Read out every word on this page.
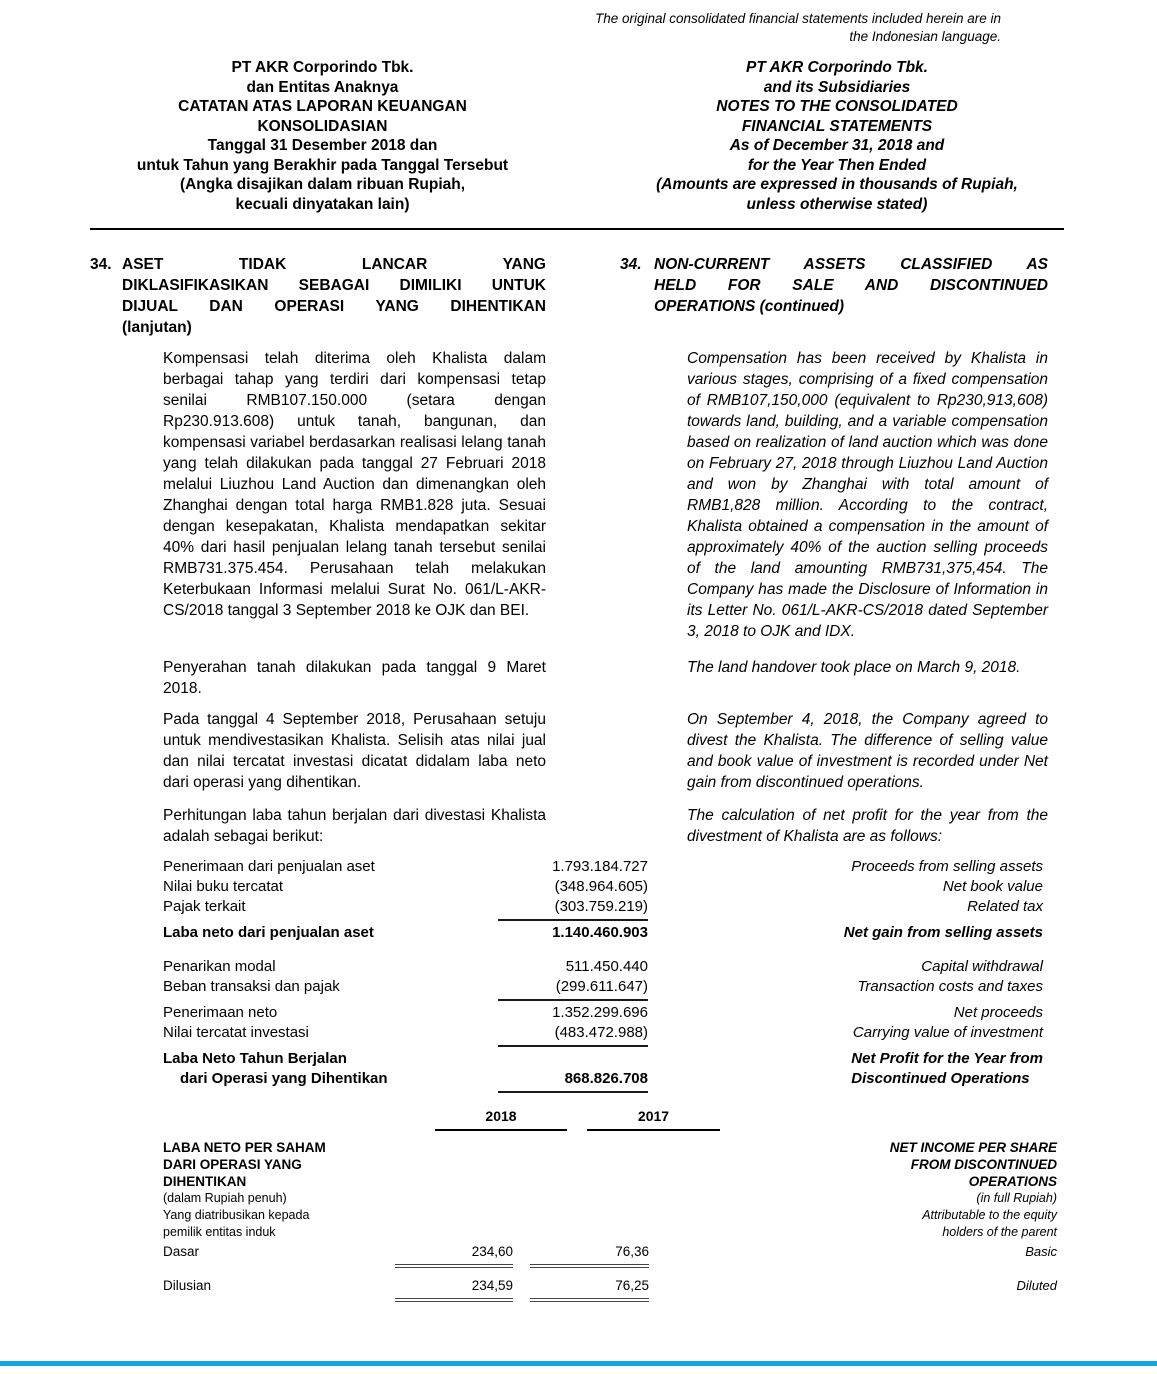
The original consolidated financial statements included herein are in
the Indonesian language.
PT AKR Corporindo Tbk.
dan Entitas Anaknya
CATATAN ATAS LAPORAN KEUANGAN
KONSOLIDASIAN
Tanggal 31 Desember 2018 dan
untuk Tahun yang Berakhir pada Tanggal Tersebut
(Angka disajikan dalam ribuan Rupiah,
kecuali dinyatakan lain)
PT AKR Corporindo Tbk.
and its Subsidiaries
NOTES TO THE CONSOLIDATED
FINANCIAL STATEMENTS
As of December 31, 2018 and
for the Year Then Ended
(Amounts are expressed in thousands of Rupiah,
unless otherwise stated)
34. ASET TIDAK LANCAR YANG
DIKLASIFIKASIKAN SEBAGAI DIMILIKI UNTUK
DIJUAL DAN OPERASI YANG DIHENTIKAN
(lanjutan)
34. NON-CURRENT ASSETS CLASSIFIED AS
HELD FOR SALE AND DISCONTINUED
OPERATIONS (continued)

Kompensasi telah diterima oleh Khalista dalam berbagai tahap yang terdiri dari kompensasi tetap senilai RMB107.150.000 (setara dengan Rp230.913.608) untuk tanah, bangunan, dan kompensasi variabel berdasarkan realisasi lelang tanah yang telah dilakukan pada tanggal 27 Februari 2018 melalui Liuzhou Land Auction dan dimenangkan oleh Zhanghai dengan total harga RMB1.828 juta. Sesuai dengan kesepakatan, Khalista mendapatkan sekitar 40% dari hasil penjualan lelang tanah tersebut senilai RMB731.375.454. Perusahaan telah melakukan Keterbukaan Informasi melalui Surat No. 061/L-AKR-CS/2018 tanggal 3 September 2018 ke OJK dan BEI.

Compensation has been received by Khalista in various stages, comprising of a fixed compensation of RMB107,150,000 (equivalent to Rp230,913,608) towards land, building, and a variable compensation based on realization of land auction which was done on February 27, 2018 through Liuzhou Land Auction and won by Zhanghai with total amount of RMB1,828 million. According to the contract, Khalista obtained a compensation in the amount of approximately 40% of the auction selling proceeds of the land amounting RMB731,375,454. The Company has made the Disclosure of Information in its Letter No. 061/L-AKR-CS/2018 dated September 3, 2018 to OJK and IDX.

Penyerahan tanah dilakukan pada tanggal 9 Maret 2018.

The land handover took place on March 9, 2018.

Pada tanggal 4 September 2018, Perusahaan setuju untuk mendivestasikan Khalista. Selisih atas nilai jual dan nilai tercatat investasi dicatat didalam laba neto dari operasi yang dihentikan.

On September 4, 2018, the Company agreed to divest the Khalista. The difference of selling value and book value of investment is recorded under Net gain from discontinued operations.

Perhitungan laba tahun berjalan dari divestasi Khalista adalah sebagai berikut:

The calculation of net profit for the year from the divestment of Khalista are as follows:

Penerimaan dari penjualan aset	1.793.184.727	Proceeds from selling assets
Nilai buku tercatat	(348.964.605)	Net book value
Pajak terkait	(303.759.219)	Related tax
Laba neto dari penjualan aset	1.140.460.903	Net gain from selling assets
Penarikan modal	511.450.440	Capital withdrawal
Beban transaksi dan pajak	(299.611.647)	Transaction costs and taxes
Penerimaan neto	1.352.299.696	Net proceeds
Nilai tercatat investasi	(483.472.988)	Carrying value of investment
Laba Neto Tahun Berjalan
dari Operasi yang Dihentikan	868.826.708
Net Profit for the Year from
Discontinued Operations
2018	2017
LABA NETO PER SAHAM	NET INCOME PER SHARE
DARI OPERASI YANG	FROM DISCONTINUED
DIHENTIKAN	OPERATIONS
(dalam Rupiah penuh)	(in full Rupiah)
Yang diatribusikan kepada	Attributable to the equity
pemilik entitas induk	holders of the parent
Dasar	234,60	76,36	Basic
Dilusian	234,59	76,25	Diluted
